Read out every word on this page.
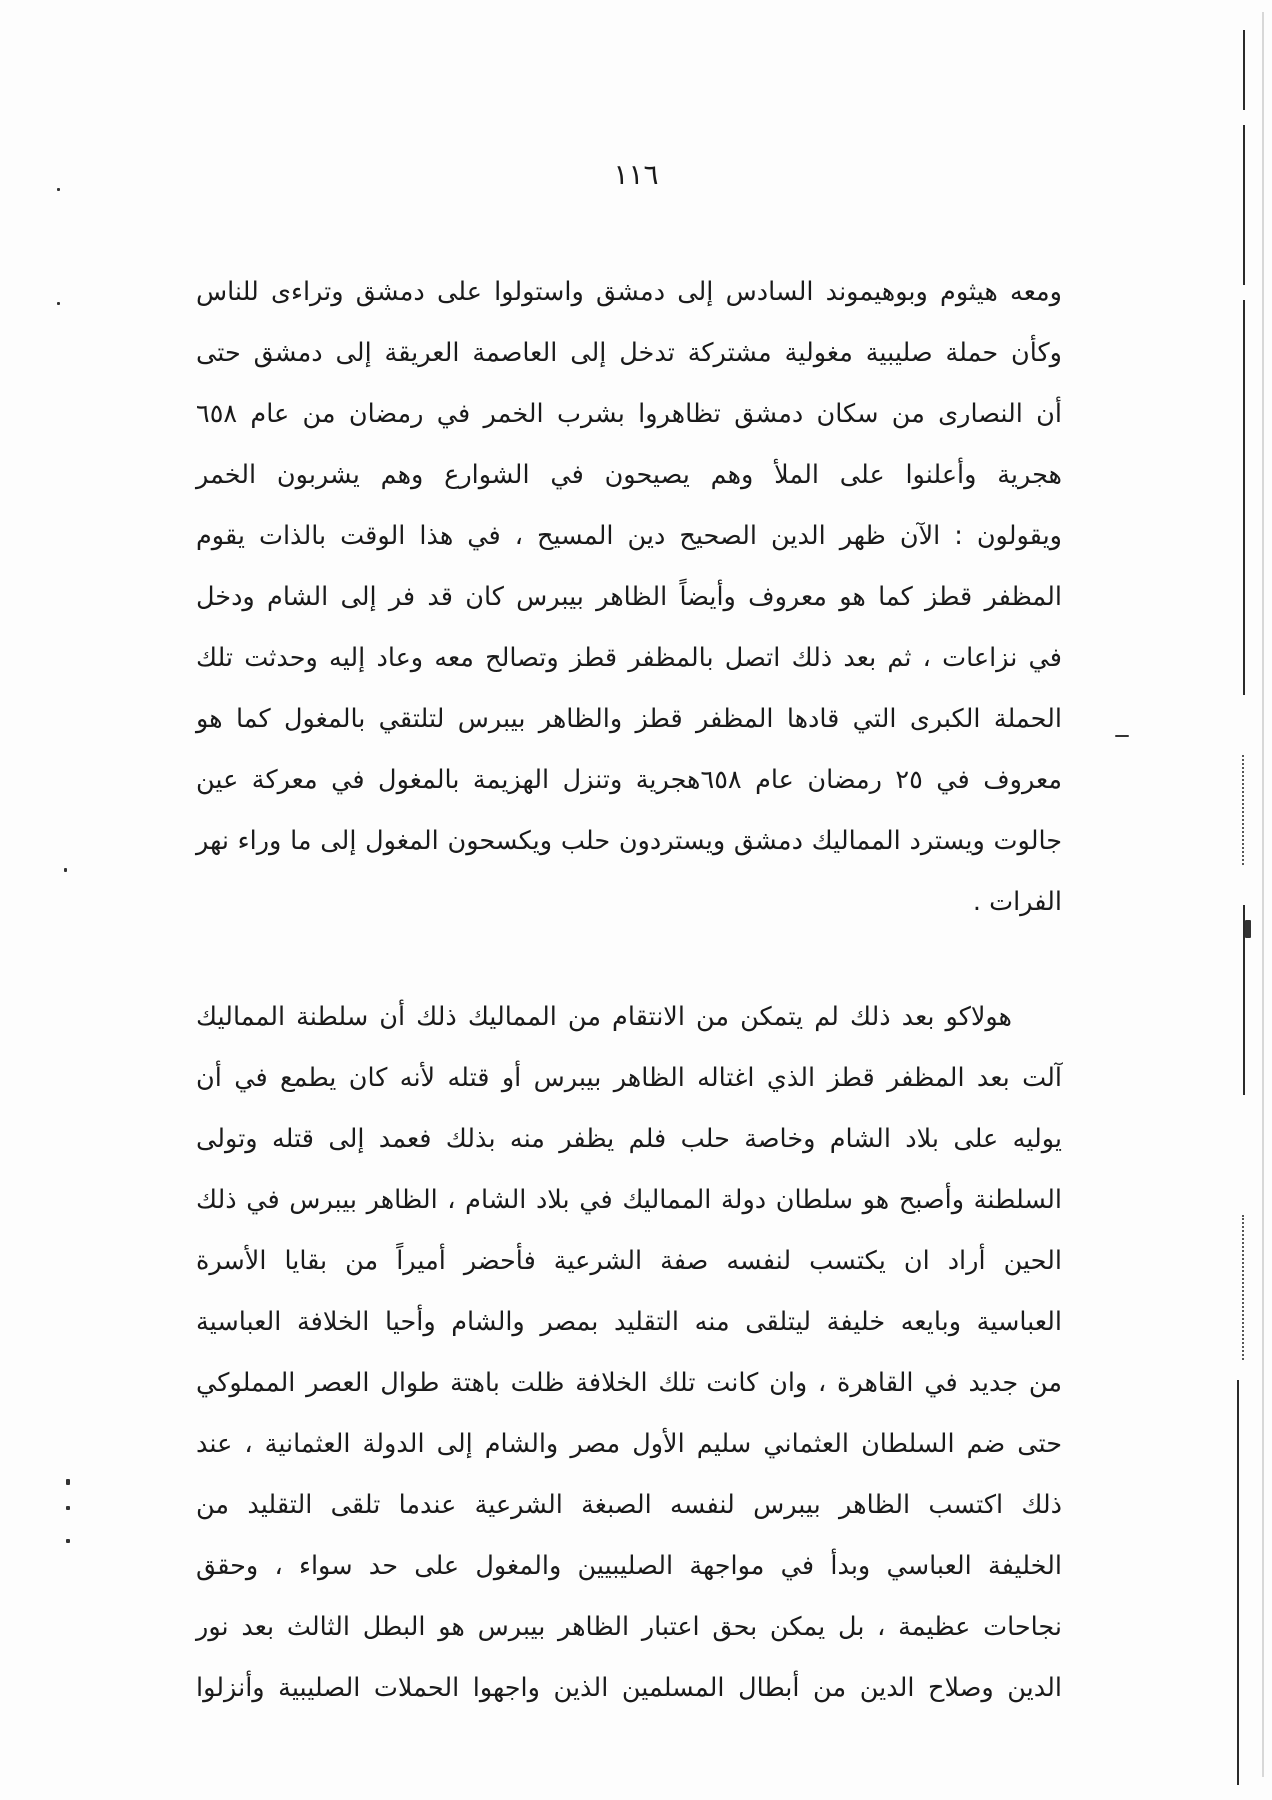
١١٦
ومعه هيثوم وبوهيموند السادس إلى دمشق واستولوا على دمشق وتراءى للناس
وكأن حملة صليبية مغولية مشتركة تدخل إلى العاصمة العريقة إلى دمشق حتى
أن النصارى من سكان دمشق تظاهروا بشرب الخمر في رمضان من عام ٦٥٨
هجرية وأعلنوا على الملأ وهم يصيحون في الشوارع وهم يشربون الخمر
ويقولون : الآن ظهر الدين الصحيح دين المسيح ، في هذا الوقت بالذات يقوم
المظفر قطز كما هو معروف وأيضاً الظاهر بيبرس كان قد فر إلى الشام ودخل
في نزاعات ، ثم بعد ذلك اتصل بالمظفر قطز وتصالح معه وعاد إليه وحدثت تلك
الحملة الكبرى التي قادها المظفر قطز والظاهر بيبرس لتلتقي بالمغول كما هو
معروف في ٢٥ رمضان عام ٦٥٨هجرية وتنزل الهزيمة بالمغول في معركة عين
جالوت ويسترد المماليك دمشق ويستردون حلب ويكسحون المغول إلى ما وراء نهر
الفرات .
هولاكو بعد ذلك لم يتمكن من الانتقام من المماليك ذلك أن سلطنة المماليك
آلت بعد المظفر قطز الذي اغتاله الظاهر بيبرس أو قتله لأنه كان يطمع في أن
يوليه على بلاد الشام وخاصة حلب فلم يظفر منه بذلك فعمد إلى قتله وتولى
السلطنة وأصبح هو سلطان دولة المماليك في بلاد الشام ، الظاهر بيبرس في ذلك
الحين أراد ان يكتسب لنفسه صفة الشرعية فأحضر أميراً من بقايا الأسرة
العباسية وبايعه خليفة ليتلقى منه التقليد بمصر والشام وأحيا الخلافة العباسية
من جديد في القاهرة ، وان كانت تلك الخلافة ظلت باهتة طوال العصر المملوكي
حتى ضم السلطان العثماني سليم الأول مصر والشام إلى الدولة العثمانية ، عند
ذلك اكتسب الظاهر بيبرس لنفسه الصبغة الشرعية عندما تلقى التقليد من
الخليفة العباسي وبدأ في مواجهة الصليبيين والمغول على حد سواء ، وحقق
نجاحات عظيمة ، بل يمكن بحق اعتبار الظاهر بيبرس هو البطل الثالث بعد نور
الدين وصلاح الدين من أبطال المسلمين الذين واجهوا الحملات الصليبية وأنزلوا
